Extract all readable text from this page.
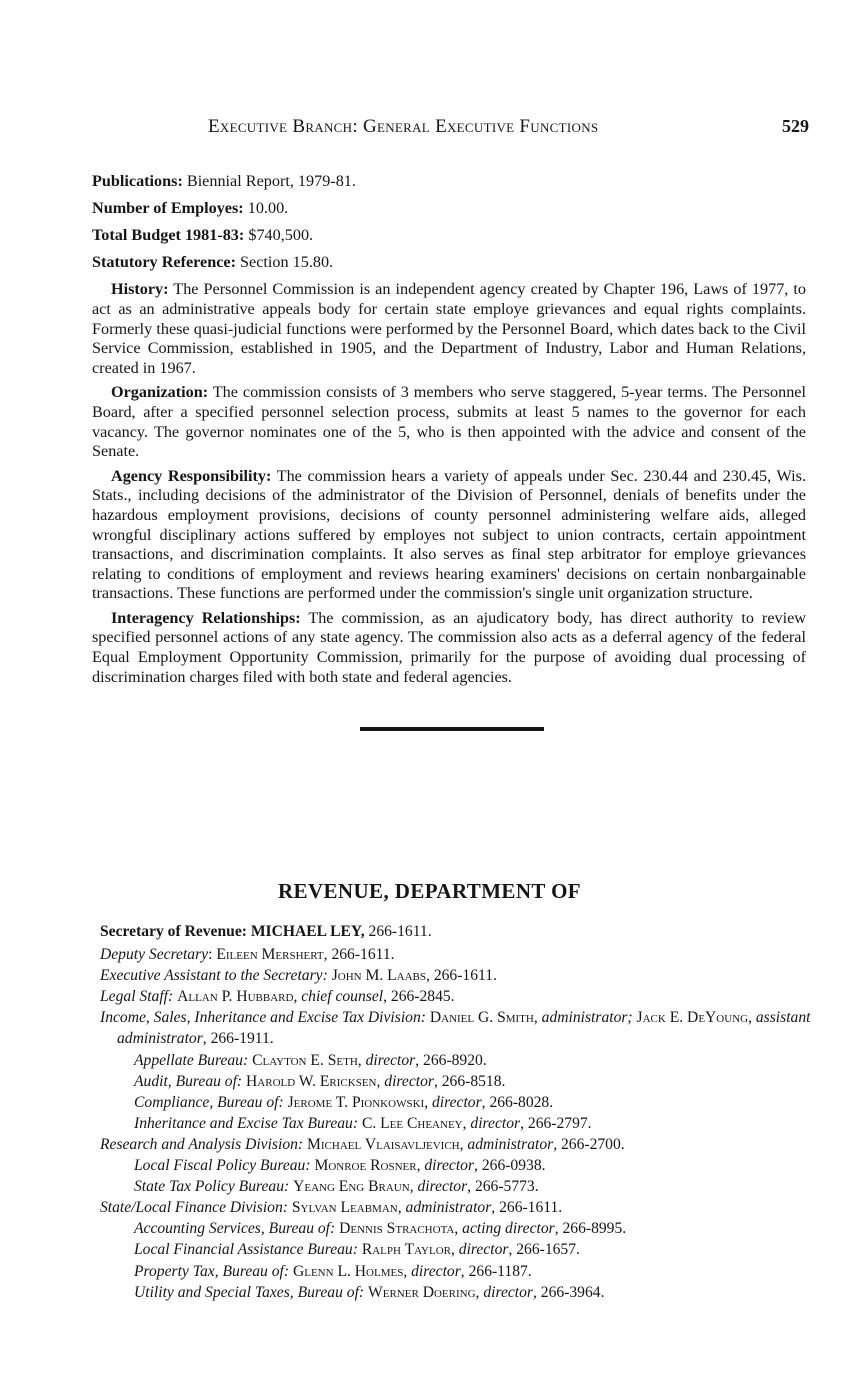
Executive Branch: General Executive Functions	529
Publications: Biennial Report, 1979-81.
Number of Employes: 10.00.
Total Budget 1981-83: $740,500.
Statutory Reference: Section 15.80.

History: The Personnel Commission is an independent agency created by Chapter 196, Laws of 1977, to act as an administrative appeals body for certain state employe grievances and equal rights complaints. Formerly these quasi-judicial functions were performed by the Personnel Board, which dates back to the Civil Service Commission, established in 1905, and the Department of Industry, Labor and Human Relations, created in 1967.

Organization: The commission consists of 3 members who serve staggered, 5-year terms. The Personnel Board, after a specified personnel selection process, submits at least 5 names to the governor for each vacancy. The governor nominates one of the 5, who is then appointed with the advice and consent of the Senate.

Agency Responsibility: The commission hears a variety of appeals under Sec. 230.44 and 230.45, Wis. Stats., including decisions of the administrator of the Division of Personnel, denials of benefits under the hazardous employment provisions, decisions of county personnel administering welfare aids, alleged wrongful disciplinary actions suffered by employes not subject to union contracts, certain appointment transactions, and discrimination complaints. It also serves as final step arbitrator for employe grievances relating to conditions of employment and reviews hearing examiners' decisions on certain nonbargainable transactions. These functions are performed under the commission's single unit organization structure.

Interagency Relationships: The commission, as an ajudicatory body, has direct authority to review specified personnel actions of any state agency. The commission also acts as a deferral agency of the federal Equal Employment Opportunity Commission, primarily for the purpose of avoiding dual processing of discrimination charges filed with both state and federal agencies.

REVENUE, DEPARTMENT OF
Secretary of Revenue: MICHAEL LEY, 266-1611.
Deputy Secretary: Eileen Mershert, 266-1611.
Executive Assistant to the Secretary: John M. Laabs, 266-1611.
Legal Staff: Allan P. Hubbard, chief counsel, 266-2845.
Income, Sales, Inheritance and Excise Tax Division: Daniel G. Smith, administrator; Jack E. DeYoung, assistant administrator, 266-1911.
Appellate Bureau: Clayton E. Seth, director, 266-8920.
Audit, Bureau of: Harold W. Ericksen, director, 266-8518.
Compliance, Bureau of: Jerome T. Pionkowski, director, 266-8028.
Inheritance and Excise Tax Bureau: C. Lee Cheaney, director, 266-2797.
Research and Analysis Division: Michael Vlaisavljevich, administrator, 266-2700.
Local Fiscal Policy Bureau: Monroe Rosner, director, 266-0938.
State Tax Policy Bureau: Yeang Eng Braun, director, 266-5773.
State/Local Finance Division: Sylvan Leabman, administrator, 266-1611.
Accounting Services, Bureau of: Dennis Strachota, acting director, 266-8995.
Local Financial Assistance Bureau: Ralph Taylor, director, 266-1657.
Property Tax, Bureau of: Glenn L. Holmes, director, 266-1187.
Utility and Special Taxes, Bureau of: Werner Doering, director, 266-3964.
